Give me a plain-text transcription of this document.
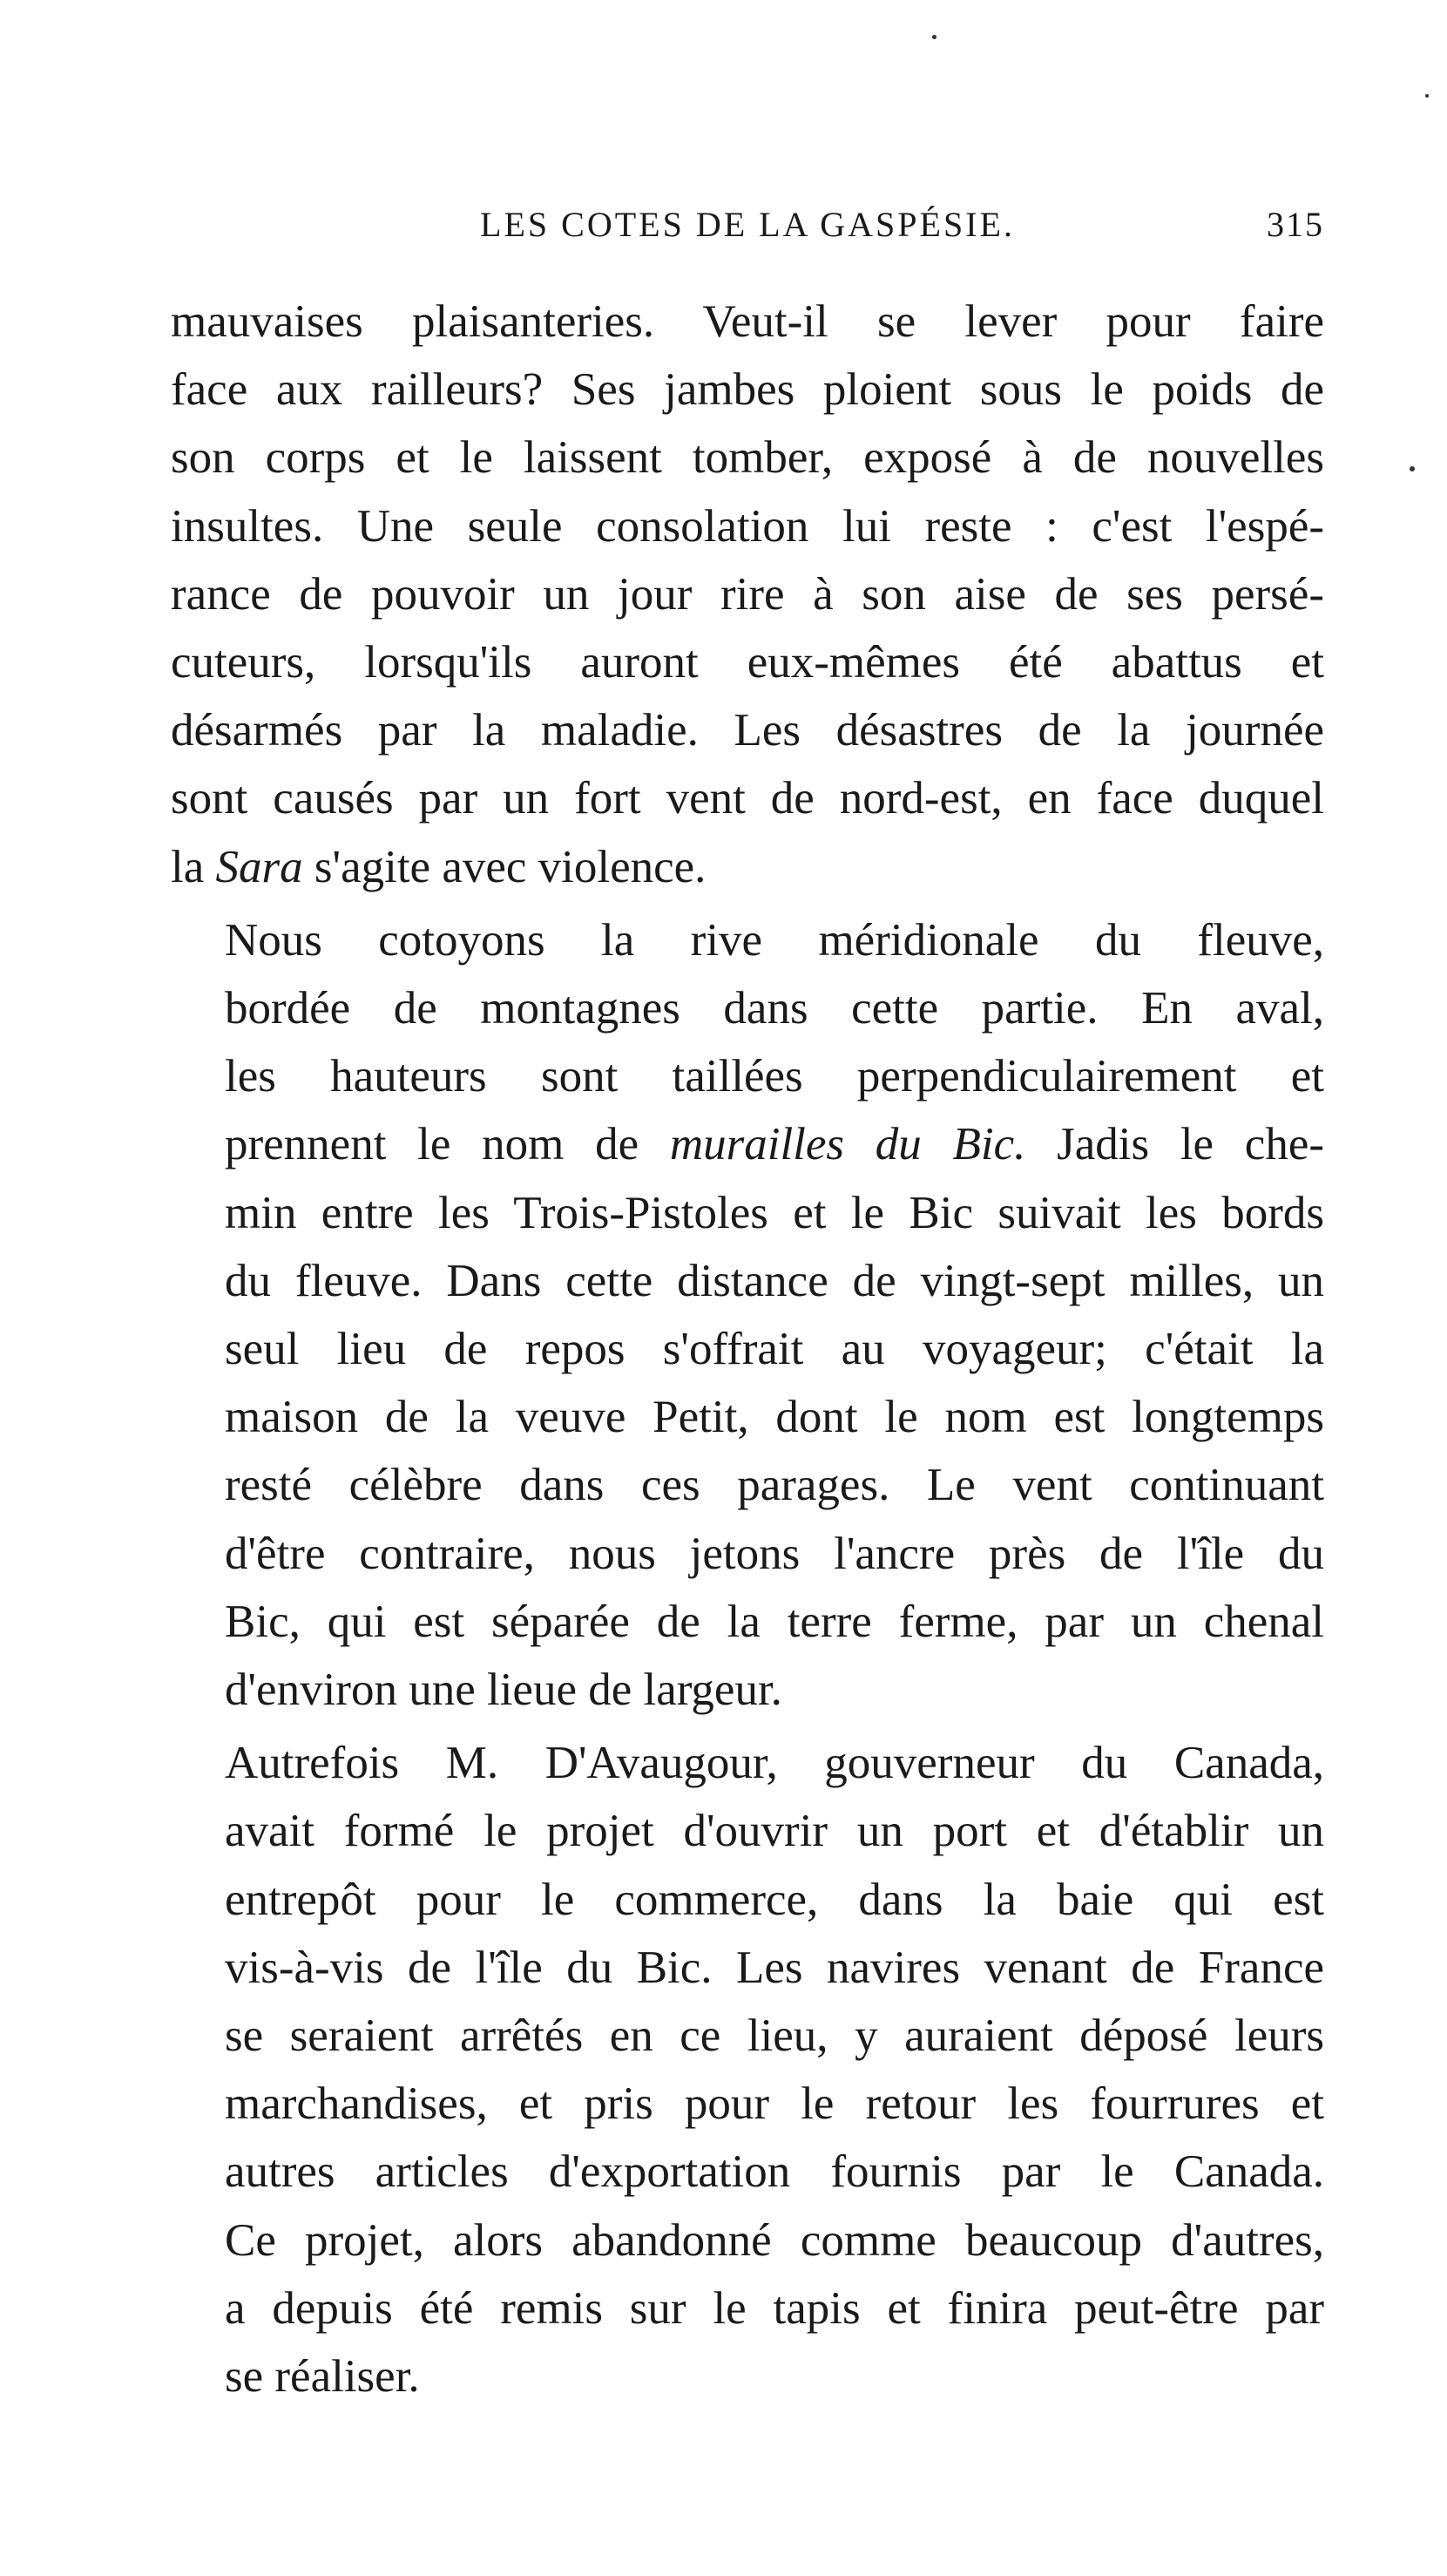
LES COTES DE LA GASPÉSIE.	315

mauvaises plaisanteries. Veut-il se lever pour faire
face aux railleurs? Ses jambes ploient sous le poids de
son corps et le laissent tomber, exposé à de nouvelles
insultes. Une seule consolation lui reste : c'est l'espé-
rance de pouvoir un jour rire à son aise de ses persé-
cuteurs, lorsqu'ils auront eux-mêmes été abattus et
désarmés par la maladie. Les désastres de la journée
sont causés par un fort vent de nord-est, en face duquel
la Sara s'agite avec violence.

Nous cotoyons la rive méridionale du fleuve,
bordée de montagnes dans cette partie. En aval,
les hauteurs sont taillées perpendiculairement et
prennent le nom de murailles du Bic. Jadis le che-
min entre les Trois-Pistoles et le Bic suivait les bords
du fleuve. Dans cette distance de vingt-sept milles, un
seul lieu de repos s'offrait au voyageur; c'était la
maison de la veuve Petit, dont le nom est longtemps
resté célèbre dans ces parages. Le vent continuant
d'être contraire, nous jetons l'ancre près de l'île du
Bic, qui est séparée de la terre ferme, par un chenal
d'environ une lieue de largeur.

Autrefois M. D'Avaugour, gouverneur du Canada,
avait formé le projet d'ouvrir un port et d'établir un
entrepôt pour le commerce, dans la baie qui est
vis-à-vis de l'île du Bic. Les navires venant de France
se seraient arrêtés en ce lieu, y auraient déposé leurs
marchandises, et pris pour le retour les fourrures et
autres articles d'exportation fournis par le Canada.
Ce projet, alors abandonné comme beaucoup d'autres,
a depuis été remis sur le tapis et finira peut-être par
se réaliser.
